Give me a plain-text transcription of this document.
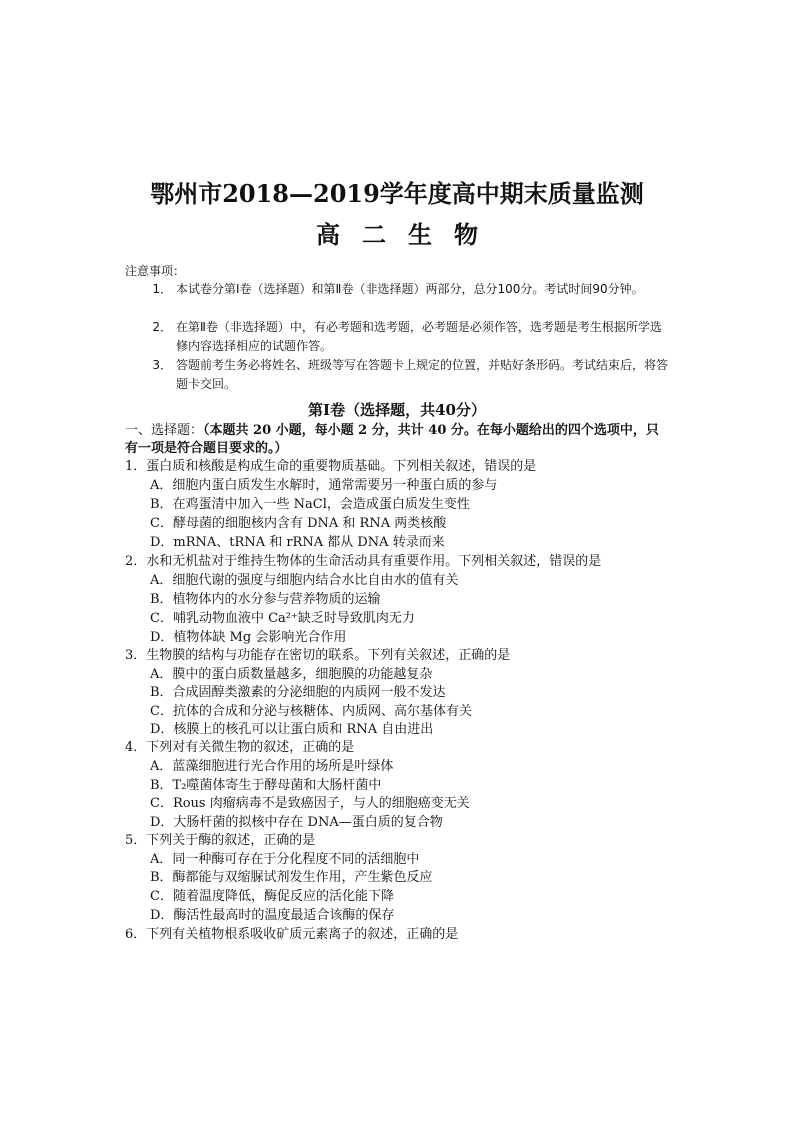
鄂州市2018—2019学年度高中期末质量监测
高二生物
注意事项：
1． 本试卷分第Ⅰ卷（选择题）和第Ⅱ卷（非选择题）两部分，总分100分。考试时间90分钟。
2． 在第Ⅱ卷（非选择题）中，有必考题和选考题，必考题是必须作答，选考题是考生根据所学选修内容选择相应的试题作答。
3． 答题前考生务必将姓名、班级等写在答题卡上规定的位置，并贴好条形码。考试结束后，将答题卡交回。
第Ⅰ卷（选择题，共40分）
一、选择题：（本题共 20 小题，每小题 2 分，共计 40 分。在每小题给出的四个选项中，只有一项是符合题目要求的。）
1．蛋白质和核酸是构成生命的重要物质基础。下列相关叙述，错误的是
A．细胞内蛋白质发生水解时，通常需要另一种蛋白质的参与
B．在鸡蛋清中加入一些 NaCl，会造成蛋白质发生变性
C．酵母菌的细胞核内含有 DNA 和 RNA 两类核酸
D．mRNA、tRNA 和 rRNA 都从 DNA 转录而来
2．水和无机盐对于维持生物体的生命活动具有重要作用。下列相关叙述，错误的是
A．细胞代谢的强度与细胞内结合水比自由水的值有关
B．植物体内的水分参与营养物质的运输
C．哺乳动物血液中 Ca²⁺缺乏时导致肌肉无力
D．植物体缺 Mg 会影响光合作用
3．生物膜的结构与功能存在密切的联系。下列有关叙述，正确的是
A．膜中的蛋白质数量越多，细胞膜的功能越复杂
B．合成固醇类激素的分泌细胞的内质网一般不发达
C．抗体的合成和分泌与核糖体、内质网、高尔基体有关
D．核膜上的核孔可以让蛋白质和 RNA 自由进出
4．下列对有关微生物的叙述，正确的是
A．蓝藻细胞进行光合作用的场所是叶绿体
B．T₂噬菌体寄生于酵母菌和大肠杆菌中
C．Rous 肉瘤病毒不是致癌因子，与人的细胞癌变无关
D．大肠杆菌的拟核中存在 DNA—蛋白质的复合物
5．下列关于酶的叙述，正确的是
A．同一种酶可存在于分化程度不同的活细胞中
B．酶都能与双缩脲试剂发生作用，产生紫色反应
C．随着温度降低，酶促反应的活化能下降
D．酶活性最高时的温度最适合该酶的保存
6．下列有关植物根系吸收矿质元素离子的叙述，正确的是
